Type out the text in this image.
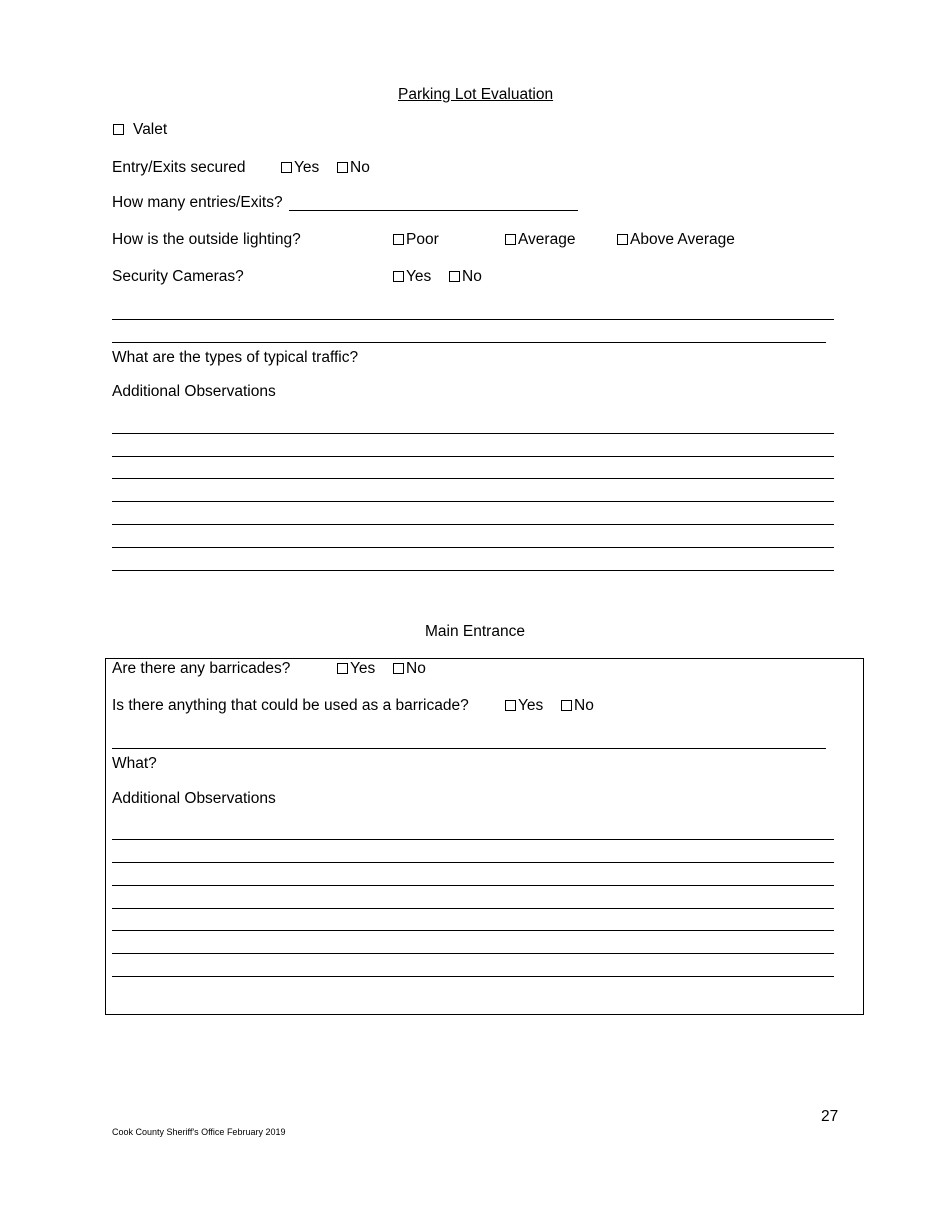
Parking Lot Evaluation
Valet
Entry/Exits secured	Yes	No
How many entries/Exits?
How is the outside lighting?	Poor	Average	Above Average
Security Cameras?	Yes	No
What are the types of typical traffic?
Additional Observations
Main Entrance
Are there any barricades?	Yes	No
Is there anything that could be used as a barricade?	Yes	No
What?
Additional Observations
27
Cook County Sheriff's Office February 2019
